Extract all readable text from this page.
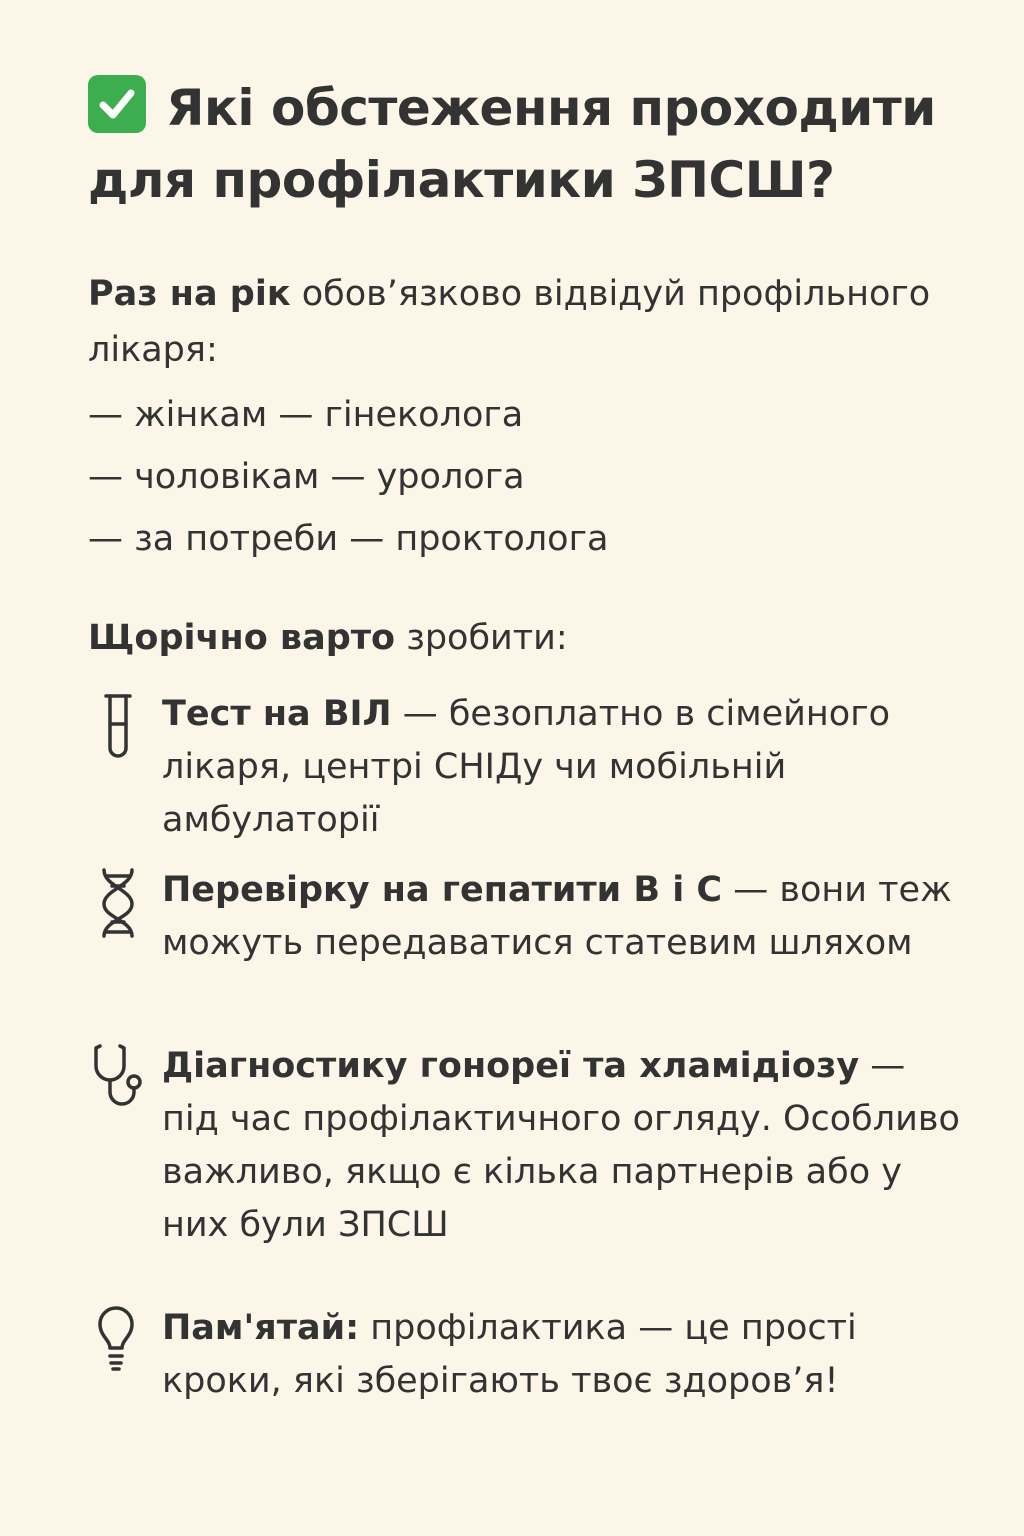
Які обстеження проходити для профілактики ЗПСШ?

Раз на рік обов’язково відвідуй профільного лікаря:

— жінкам — гінеколога
— чоловікам — уролога
— за потреби — проктолога
Щорічно варто зробити:
Тест на ВІЛ — безоплатно в сімейного лікаря, центрі СНІДу чи мобільній амбулаторії
Перевірку на гепатити В і С — вони теж можуть передаватися статевим шляхом
Діагностику гонореї та хламідіозу — під час профілактичного огляду. Особливо важливо, якщо є кілька партнерів або у них були ЗПСШ
Пам'ятай: профілактика — це прості кроки, які зберігають твоє здоров’я!
